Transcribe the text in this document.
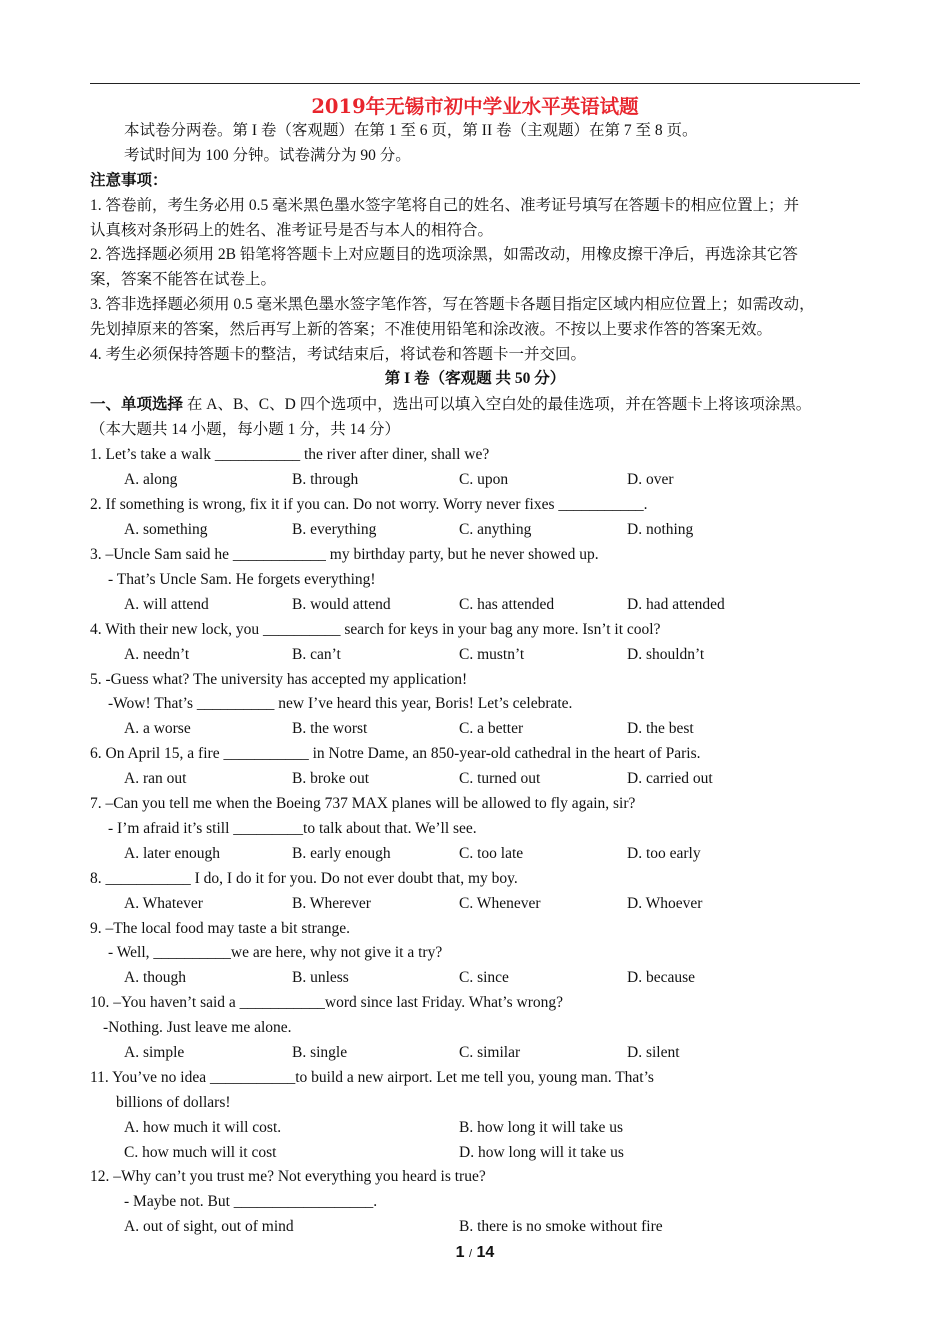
2019年无锡市初中学业水平英语试题
本试卷分两卷。第 I 卷（客观题）在第 1 至 6 页，第 II 卷（主观题）在第 7 至 8 页。
考试时间为 100 分钟。试卷满分为 90 分。
注意事项：
1. 答卷前，考生务必用 0.5 毫米黑色墨水签字笔将自己的姓名、准考证号填写在答题卡的相应位置上；并
认真核对条形码上的姓名、准考证号是否与本人的相符合。
2. 答选择题必须用 2B 铅笔将答题卡上对应题目的选项涂黑，如需改动，用橡皮擦干净后，再选涂其它答
案，答案不能答在试卷上。
3. 答非选择题必须用 0.5 毫米黑色墨水签字笔作答，写在答题卡各题目指定区域内相应位置上；如需改动，
先划掉原来的答案，然后再写上新的答案；不准使用铅笔和涂改液。不按以上要求作答的答案无效。
4. 考生必须保持答题卡的整洁，考试结束后，将试卷和答题卡一并交回。
第 I 卷（客观题 共 50 分）
一、单项选择 在 A、B、C、D 四个选项中，选出可以填入空白处的最佳选项，并在答题卡上将该项涂黑。
（本大题共 14 小题，每小题 1 分，共 14 分）
1. Let’s take a walk ___________ the river after diner, shall we?
A. along	B. through	C. upon	D. over
2. If something is wrong, fix it if you can. Do not worry. Worry never fixes ___________.
A. something	B. everything	C. anything	D. nothing
3. –Uncle Sam said he ____________ my birthday party, but he never showed up.
- That’s Uncle Sam. He forgets everything!
A. will attend	B. would attend	C. has attended	D. had attended
4. With their new lock, you __________ search for keys in your bag any more. Isn’t it cool?
A. needn’t	B. can’t	C. mustn’t	D. shouldn’t
5. -Guess what? The university has accepted my application!
-Wow! That’s __________ new I’ve heard this year, Boris! Let’s celebrate.
A. a worse	B. the worst	C. a better	D. the best
6. On April 15, a fire ___________ in Notre Dame, an 850-year-old cathedral in the heart of Paris.
A. ran out	B. broke out	C. turned out	D. carried out
7. –Can you tell me when the Boeing 737 MAX planes will be allowed to fly again, sir?
- I’m afraid it’s still _________to talk about that. We’ll see.
A. later enough	B. early enough	C. too late	D. too early
8. ___________ I do, I do it for you. Do not ever doubt that, my boy.
A. Whatever	B. Wherever	C. Whenever	D. Whoever
9. –The local food may taste a bit strange.
- Well, __________we are here, why not give it a try?
A. though	B. unless	C. since	D. because
10. –You haven’t said a ___________word since last Friday. What’s wrong?
-Nothing. Just leave me alone.
A. simple	B. single	C. similar	D. silent
11. You’ve no idea ___________to build a new airport. Let me tell you, young man. That’s
billions of dollars!
A. how much it will cost.	B. how long it will take us
C. how much will it cost	D. how long will it take us
12. –Why can’t you trust me? Not everything you heard is true?
- Maybe not. But __________________.
A. out of sight, out of mind	B. there is no smoke without fire
1 / 14
